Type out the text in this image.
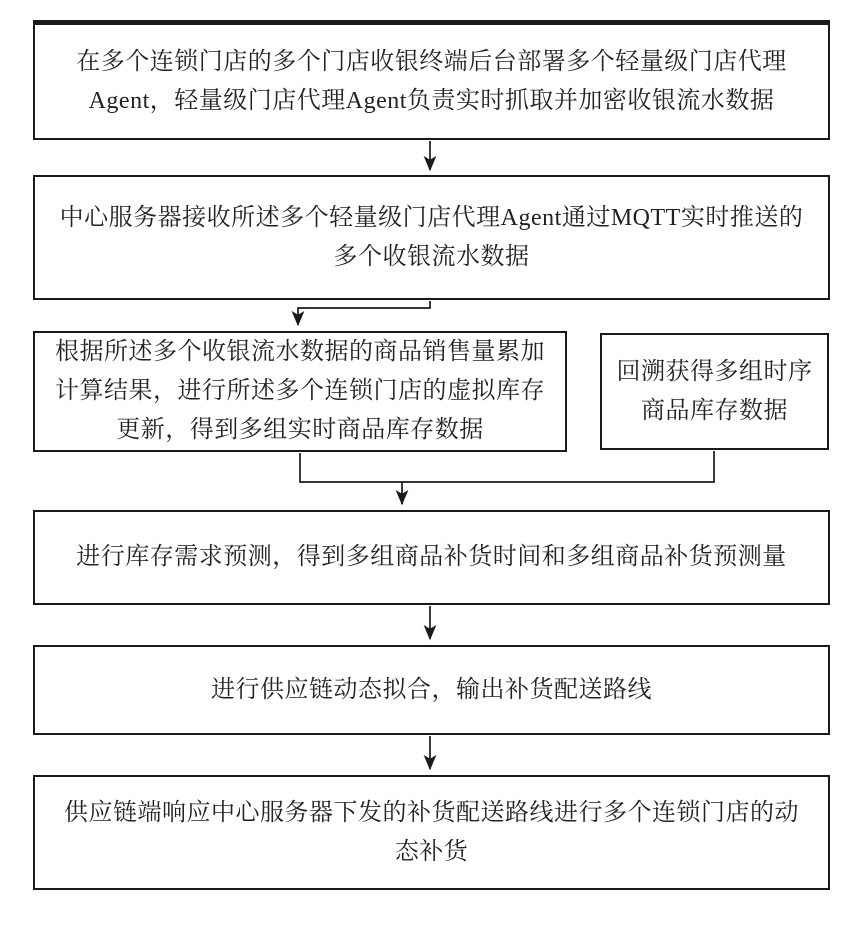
在多个连锁门店的多个门店收银终端后台部署多个轻量级门店代理
Agent，轻量级门店代理Agent负责实时抓取并加密收银流水数据
中心服务器接收所述多个轻量级门店代理Agent通过MQTT实时推送的
多个收银流水数据
根据所述多个收银流水数据的商品销售量累加
计算结果，进行所述多个连锁门店的虚拟库存
更新，得到多组实时商品库存数据
回溯获得多组时序
商品库存数据
进行库存需求预测，得到多组商品补货时间和多组商品补货预测量
进行供应链动态拟合，输出补货配送路线
供应链端响应中心服务器下发的补货配送路线进行多个连锁门店的动
态补货
